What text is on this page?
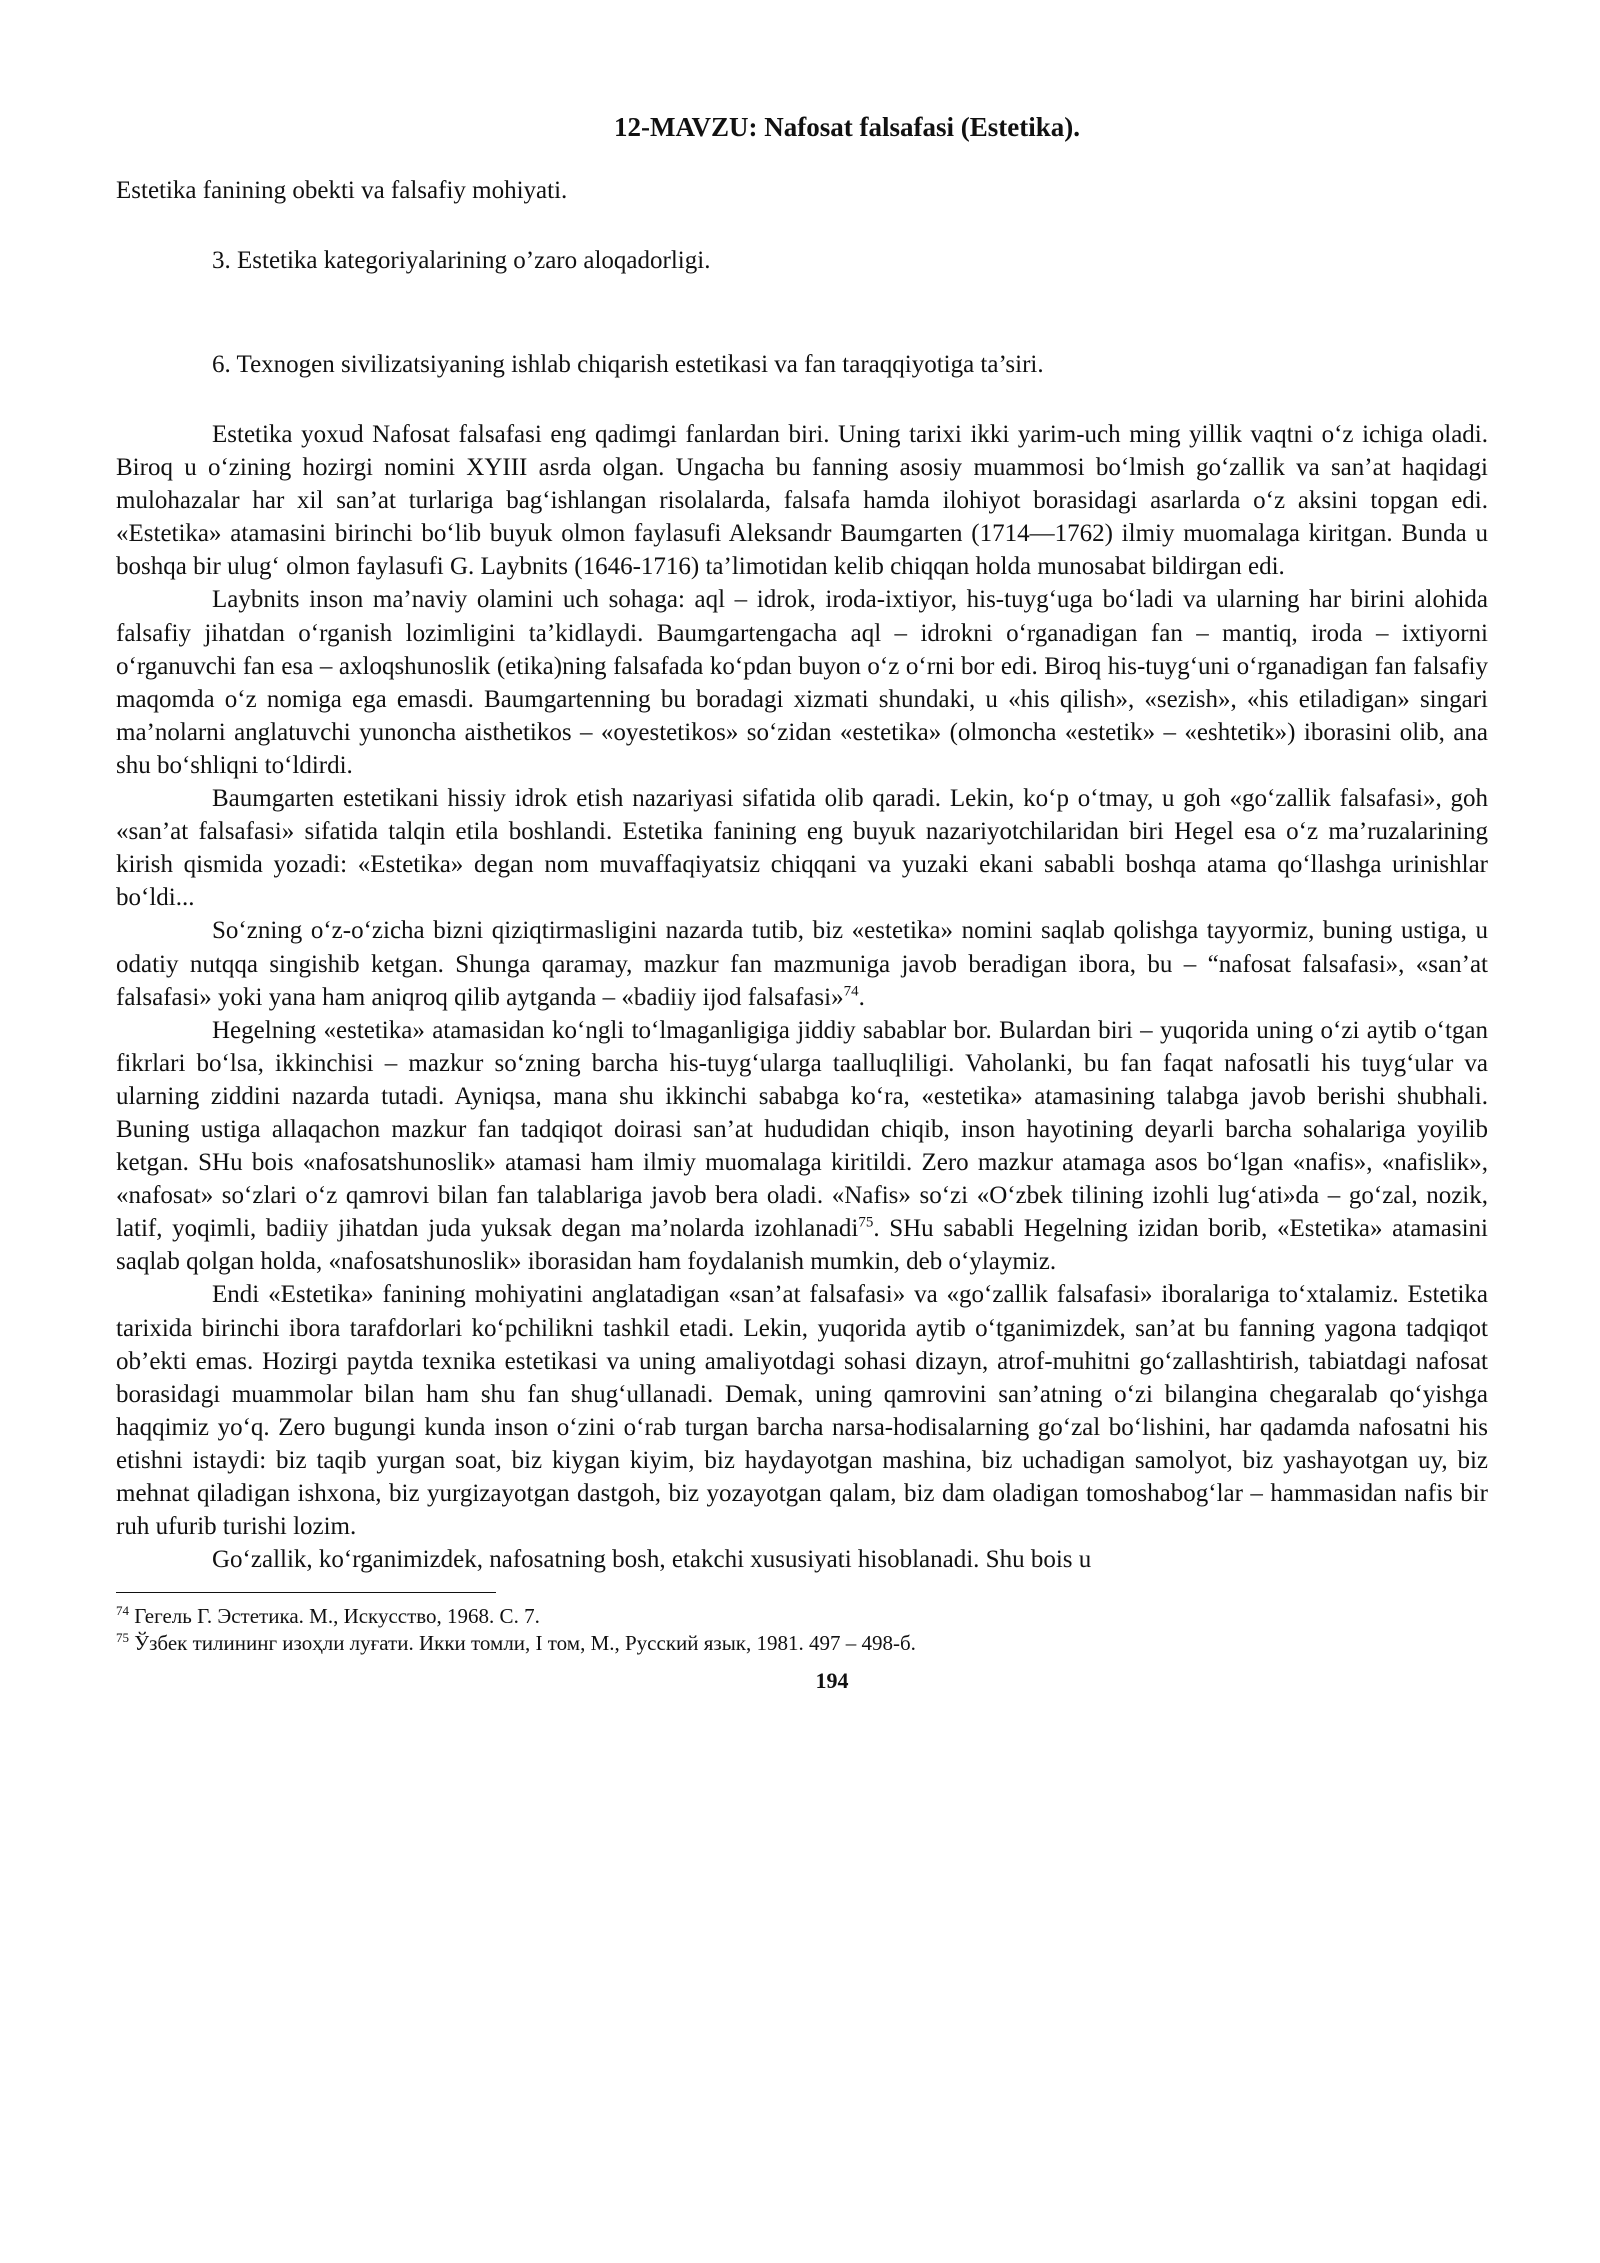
12-MAVZU: Nafosat falsafasi (Estetika).

Estetika fanining obekti va falsafiy mohiyati.

3. Estetika kategoriyalarining o’zaro aloqadorligi.

6. Texnogen sivilizatsiyaning ishlab chiqarish estetikasi va fan taraqqiyotiga ta’siri.

Estetika yoxud Nafosat falsafasi eng qadimgi fanlardan biri. Uning tarixi ikki yarim-uch ming yillik vaqtni o‘z ichiga oladi. Biroq u o‘zining hozirgi nomini XYIII asrda olgan. Ungacha bu fanning asosiy muammosi bo‘lmish go‘zallik va san’at haqidagi mulohazalar har xil san’at turlariga bag‘ishlangan risolalarda, falsafa hamda ilohiyot borasidagi asarlarda o‘z aksini topgan edi. «Estetika» atamasini birinchi bo‘lib buyuk olmon faylasufi Aleksandr Baumgarten (1714—1762) ilmiy muomalaga kiritgan. Bunda u boshqa bir ulug‘ olmon faylasufi G. Laybnits (1646-1716) ta’limotidan kelib chiqqan holda munosabat bildirgan edi.

Laybnits inson ma’naviy olamini uch sohaga: aql – idrok, iroda-ixtiyor, his-tuyg‘uga bo‘ladi va ularning har birini alohida falsafiy jihatdan o‘rganish lozimligini ta’kidlaydi. Baumgartengacha aql – idrokni o‘rganadigan fan – mantiq, iroda – ixtiyorni o‘rganuvchi fan esa – axloqshunoslik (etika)ning falsafada ko‘pdan buyon o‘z o‘rni bor edi. Biroq his-tuyg‘uni o‘rganadigan fan falsafiy maqomda o‘z nomiga ega emasdi. Baumgartenning bu boradagi xizmati shundaki, u «his qilish», «sezish», «his etiladigan» singari ma’nolarni anglatuvchi yunoncha aisthetikos – «oyestetikos» so‘zidan «estetika» (olmoncha «estetik» – «eshtetik») iborasini olib, ana shu bo‘shliqni to‘ldirdi.

Baumgarten estetikani hissiy idrok etish nazariyasi sifatida olib qaradi. Lekin, ko‘p o‘tmay, u goh «go‘zallik falsafasi», goh «san’at falsafasi» sifatida talqin etila boshlandi. Estetika fanining eng buyuk nazariyotchilaridan biri Hegel esa o‘z ma’ruzalarining kirish qismida yozadi: «Estetika» degan nom muvaffaqiyatsiz chiqqani va yuzaki ekani sababli boshqa atama qo‘llashga urinishlar bo‘ldi...

So‘zning o‘z-o‘zicha bizni qiziqtirmasligini nazarda tutib, biz «estetika» nomini saqlab qolishga tayyormiz, buning ustiga, u odatiy nutqqa singishib ketgan. Shunga qaramay, mazkur fan mazmuniga javob beradigan ibora, bu – “nafosat falsafasi», «san’at falsafasi» yoki yana ham aniqroq qilib aytganda – «badiiy ijod falsafasi»$^{74}$.

Hegelning «estetika» atamasidan ko‘ngli to‘lmaganligiga jiddiy sabablar bor. Bulardan biri – yuqorida uning o‘zi aytib o‘tgan fikrlari bo‘lsa, ikkinchisi – mazkur so‘zning barcha his-tuyg‘ularga taalluqliligi. Vaholanki, bu fan faqat nafosatli his tuyg‘ular va ularning ziddini nazarda tutadi. Ayniqsa, mana shu ikkinchi sababga ko‘ra, «estetika» atamasining talabga javob berishi shubhali. Buning ustiga allaqachon mazkur fan tadqiqot doirasi san’at hududidan chiqib, inson hayotining deyarli barcha sohalariga yoyilib ketgan. SHu bois «nafosatshunoslik» atamasi ham ilmiy muomalaga kiritildi. Zero mazkur atamaga asos bo‘lgan «nafis», «nafislik», «nafosat» so‘zlari o‘z qamrovi bilan fan talablariga javob bera oladi. «Nafis» so‘zi «O‘zbek tilining izohli lug‘ati»da – go‘zal, nozik, latif, yoqimli, badiiy jihatdan juda yuksak degan ma’nolarda izohlanadi$^{75}$. SHu sababli Hegelning izidan borib, «Estetika» atamasini saqlab qolgan holda, «nafosatshunoslik» iborasidan ham foydalanish mumkin, deb o‘ylaymiz.

Endi «Estetika» fanining mohiyatini anglatadigan «san’at falsafasi» va «go‘zallik falsafasi» iboralariga to‘xtalamiz. Estetika tarixida birinchi ibora tarafdorlari ko‘pchilikni tashkil etadi. Lekin, yuqorida aytib o‘tganimizdek, san’at bu fanning yagona tadqiqot ob’ekti emas. Hozirgi paytda texnika estetikasi va uning amaliyotdagi sohasi dizayn, atrof-muhitni go‘zallashtirish, tabiatdagi nafosat borasidagi muammolar bilan ham shu fan shug‘ullanadi. Demak, uning qamrovini san’atning o‘zi bilangina chegaralab qo‘yishga haqqimiz yo‘q. Zero bugungi kunda inson o‘zini o‘rab turgan barcha narsa-hodisalarning go‘zal bo‘lishini, har qadamda nafosatni his etishni istaydi: biz taqib yurgan soat, biz kiygan kiyim, biz haydayotgan mashina, biz uchadigan samolyot, biz yashayotgan uy, biz mehnat qiladigan ishxona, biz yurgizayotgan dastgoh, biz yozayotgan qalam, biz dam oladigan tomoshabog‘lar – hammasidan nafis bir ruh ufurib turishi lozim.

Go‘zallik, ko‘rganimizdek, nafosatning bosh, etakchi xususiyati hisoblanadi. Shu bois u

$^{74}$ Гегель Г. Эстетика. М., Искусство, 1968. С. 7.

$^{75}$ Ўзбек тилининг изоҳли луғати. Икки томли, I том, М., Русский язык, 1981. 497 – 498-б.

194
